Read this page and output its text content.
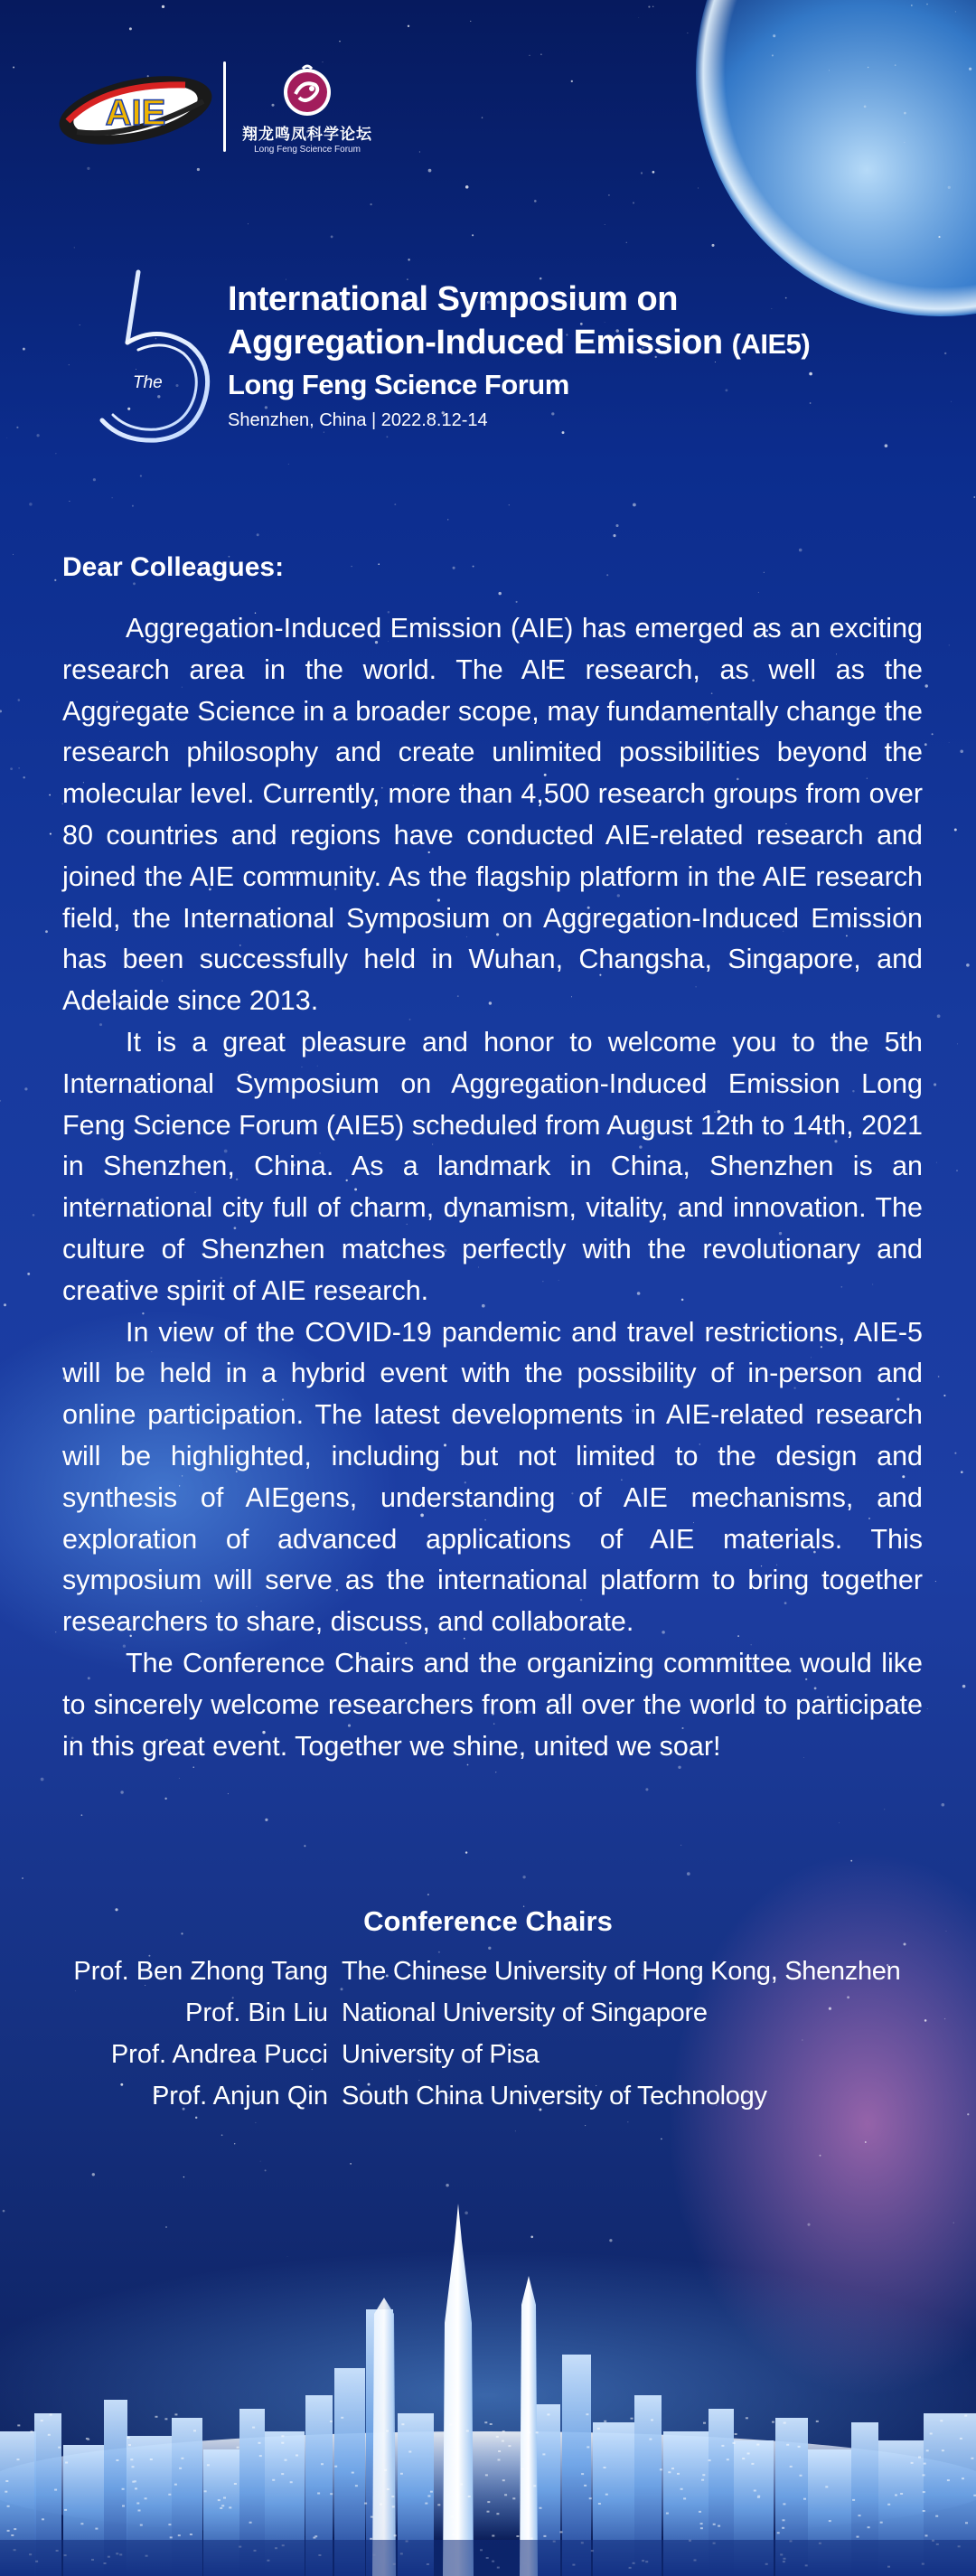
AIE
翔龙鸣凤科学论坛
Long Feng Science Forum
The
International Symposium on
Aggregation-Induced Emission (AIE5)
Long Feng Science Forum
Shenzhen, China | 2022.8.12-14
Dear Colleagues:

Aggregation-Induced Emission (AIE) has emerged as an exciting research area in the world. The AIE research, as well as the Aggregate Science in a broader scope, may fundamentally change the research philosophy and create unlimited possibilities beyond the molecular level. Currently, more than 4,500 research groups from over 80 countries and regions have conducted AIE-related research and joined the AIE community. As the flagship platform in the AIE research field, the International Symposium on Aggregation-Induced Emission has been successfully held in Wuhan, Changsha, Singapore, and Adelaide since 2013.

It is a great pleasure and honor to welcome you to the 5th International Symposium on Aggregation-Induced Emission Long Feng Science Forum (AIE5) scheduled from August 12th to 14th, 2021 in Shenzhen, China. As a landmark in China, Shenzhen is an international city full of charm, dynamism, vitality, and innovation. The culture of Shenzhen matches perfectly with the revolutionary and creative spirit of AIE research.

In view of the COVID-19 pandemic and travel restrictions, AIE-5 will be held in a hybrid event with the possibility of in-person and online participation. The latest developments in AIE-related research will be highlighted, including but not limited to the design and synthesis of AIEgens, understanding of AIE mechanisms, and exploration of advanced applications of AIE materials. This symposium will serve as the international platform to bring together researchers to share, discuss, and collaborate.

The Conference Chairs and the organizing committee would like to sincerely welcome researchers from all over the world to participate in this great event. Together we shine, united we soar!

Conference Chairs
Prof. Ben Zhong Tang The Chinese University of Hong Kong, Shenzhen
Prof. Bin Liu National University of Singapore
Prof. Andrea Pucci University of Pisa
Prof. Anjun Qin South China University of Technology
